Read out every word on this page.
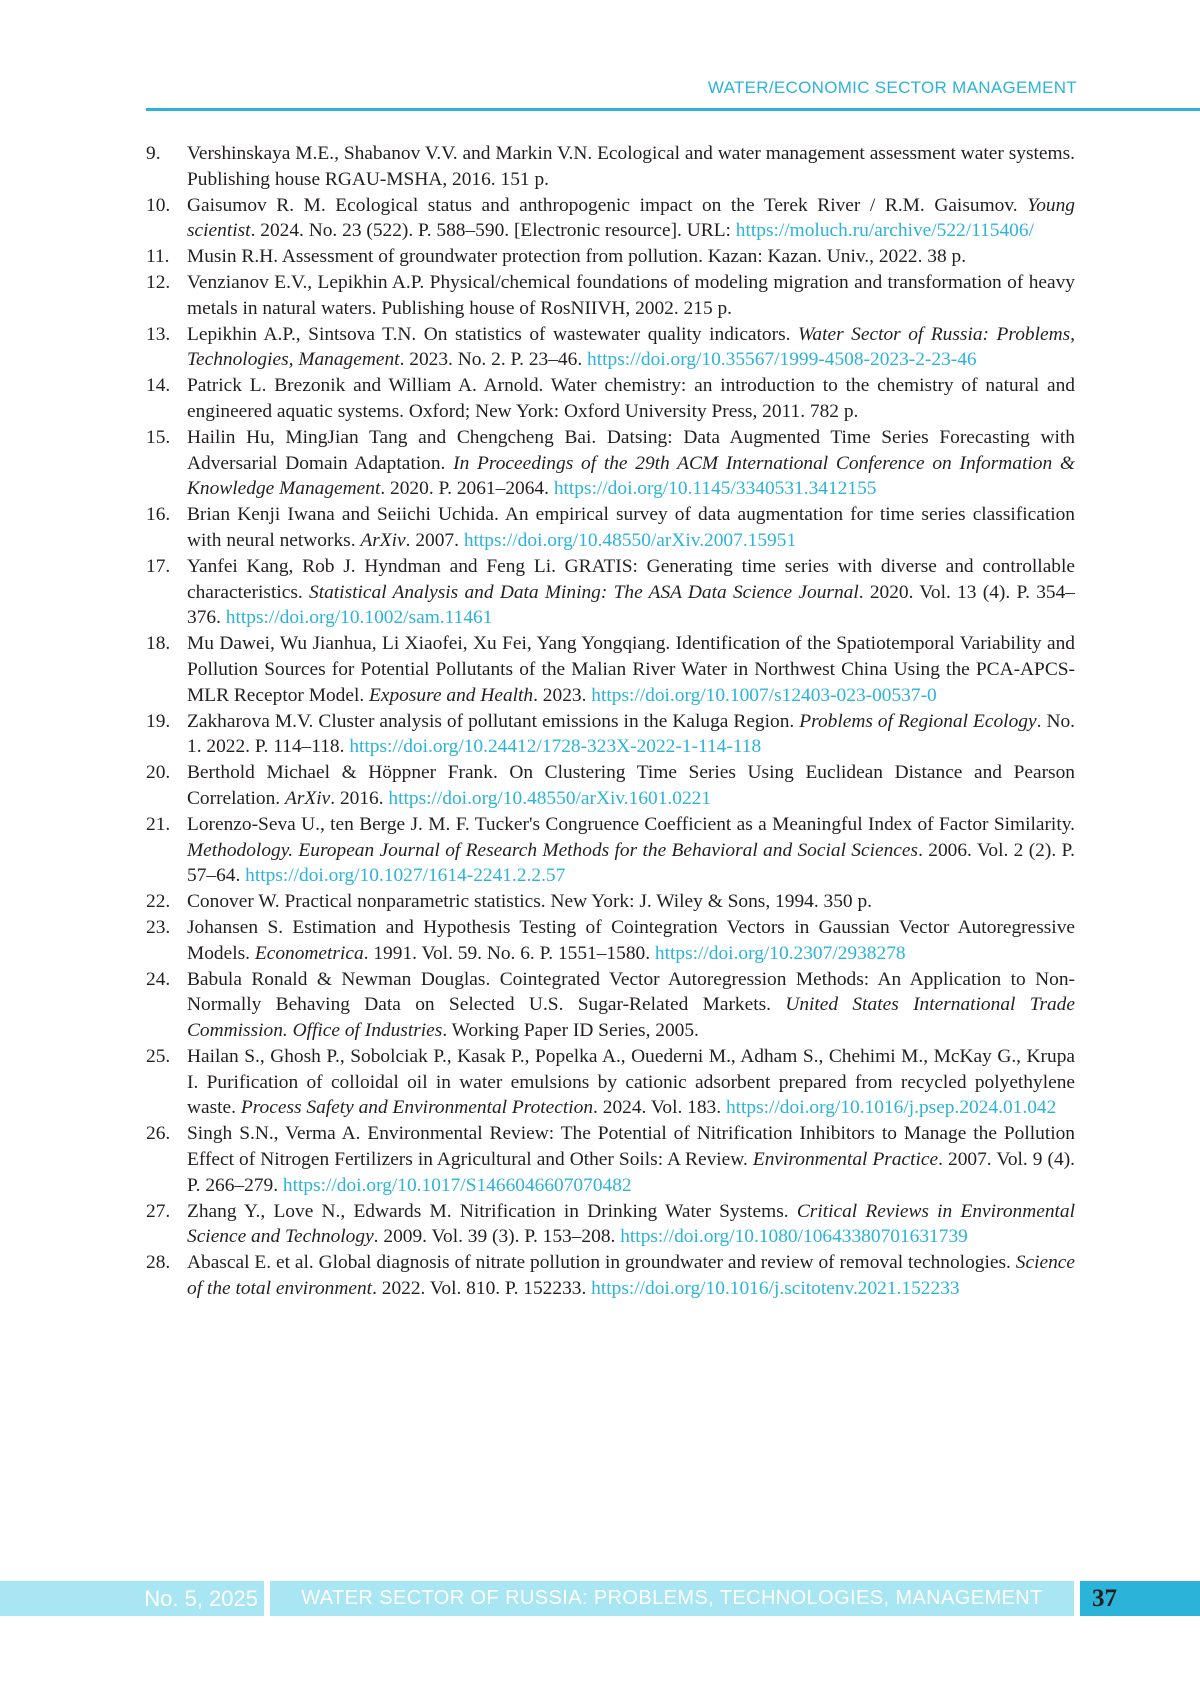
WATER/ECONOMIC SECTOR MANAGEMENT
9.	Vershinskaya M.E., Shabanov V.V. and Markin V.N. Ecological and water management assessment water systems. Publishing house RGAU-MSHA, 2016. 151 p.
10. Gaisumov R. M. Ecological status and anthropogenic impact on the Terek River / R.M. Gaisumov. Young scientist. 2024. No. 23 (522). P. 588–590. [Electronic resource]. URL: https://moluch.ru/archive/522/115406/
11. Musin R.H. Assessment of groundwater protection from pollution. Kazan: Kazan. Univ., 2022. 38 p.
12. Venzianov E.V., Lepikhin A.P. Physical/chemical foundations of modeling migration and transformation of heavy metals in natural waters. Publishing house of RosNIIVH, 2002. 215 p.
13. Lepikhin A.P., Sintsova T.N. On statistics of wastewater quality indicators. Water Sector of Russia: Problems, Technologies, Management. 2023. No. 2. P. 23–46. https://doi.org/10.35567/1999-4508-2023-2-23-46
14. Patrick L. Brezonik and William A. Arnold. Water chemistry: an introduction to the chemistry of natural and engineered aquatic systems. Oxford; New York: Oxford University Press, 2011. 782 p.
15. Hailin Hu, MingJian Tang and Chengcheng Bai. Datsing: Data Augmented Time Series Forecasting with Adversarial Domain Adaptation. In Proceedings of the 29th ACM International Conference on Information & Knowledge Management. 2020. P. 2061–2064. https://doi.org/10.1145/3340531.3412155
16. Brian Kenji Iwana and Seiichi Uchida. An empirical survey of data augmentation for time series classification with neural networks. ArXiv. 2007. https://doi.org/10.48550/arXiv.2007.15951
17. Yanfei Kang, Rob J. Hyndman and Feng Li. GRATIS: Generating time series with diverse and controllable characteristics. Statistical Analysis and Data Mining: The ASA Data Science Journal. 2020. Vol. 13 (4). P. 354–376. https://doi.org/10.1002/sam.11461
18. Mu Dawei, Wu Jianhua, Li Xiaofei, Xu Fei, Yang Yongqiang. Identification of the Spatiotemporal Variability and Pollution Sources for Potential Pollutants of the Malian River Water in Northwest China Using the PCA-APCS-MLR Receptor Model. Exposure and Health. 2023. https://doi.org/10.1007/s12403-023-00537-0
19. Zakharova M.V. Cluster analysis of pollutant emissions in the Kaluga Region. Problems of Regional Ecology. No. 1. 2022. P. 114–118. https://doi.org/10.24412/1728-323X-2022-1-114-118
20. Berthold Michael & Höppner Frank. On Clustering Time Series Using Euclidean Distance and Pearson Correlation. ArXiv. 2016. https://doi.org/10.48550/arXiv.1601.0221
21. Lorenzo-Seva U., ten Berge J. M. F. Tucker's Congruence Coefficient as a Meaningful Index of Factor Similarity. Methodology. European Journal of Research Methods for the Behavioral and Social Sciences. 2006. Vol. 2 (2). P. 57–64. https://doi.org/10.1027/1614-2241.2.2.57
22. Conover W. Practical nonparametric statistics. New York: J. Wiley & Sons, 1994. 350 p.
23. Johansen S. Estimation and Hypothesis Testing of Cointegration Vectors in Gaussian Vector Autoregressive Models. Econometrica. 1991. Vol. 59. No. 6. P. 1551–1580. https://doi.org/10.2307/2938278
24. Babula Ronald & Newman Douglas. Cointegrated Vector Autoregression Methods: An Application to Non-Normally Behaving Data on Selected U.S. Sugar-Related Markets. United States International Trade Commission. Office of Industries. Working Paper ID Series, 2005.
25. Hailan S., Ghosh P., Sobolciak P., Kasak P., Popelka A., Ouederni M., Adham S., Chehimi M., McKay G., Krupa I. Purification of colloidal oil in water emulsions by cationic adsorbent prepared from recycled polyethylene waste. Process Safety and Environmental Protection. 2024. Vol. 183. https://doi.org/10.1016/j.psep.2024.01.042
26. Singh S.N., Verma A. Environmental Review: The Potential of Nitrification Inhibitors to Manage the Pollution Effect of Nitrogen Fertilizers in Agricultural and Other Soils: A Review. Environmental Practice. 2007. Vol. 9 (4). P. 266–279. https://doi.org/10.1017/S1466046607070482
27. Zhang Y., Love N., Edwards M. Nitrification in Drinking Water Systems. Critical Reviews in Environmental Science and Technology. 2009. Vol. 39 (3). P. 153–208. https://doi.org/10.1080/10643380701631739
28. Abascal E. et al. Global diagnosis of nitrate pollution in groundwater and review of removal technologies. Science of the total environment. 2022. Vol. 810. P. 152233. https://doi.org/10.1016/j.scitotenv.2021.152233
No. 5, 2025	WATER SECTOR OF RUSSIA: PROBLEMS, TECHNOLOGIES, MANAGEMENT	37
